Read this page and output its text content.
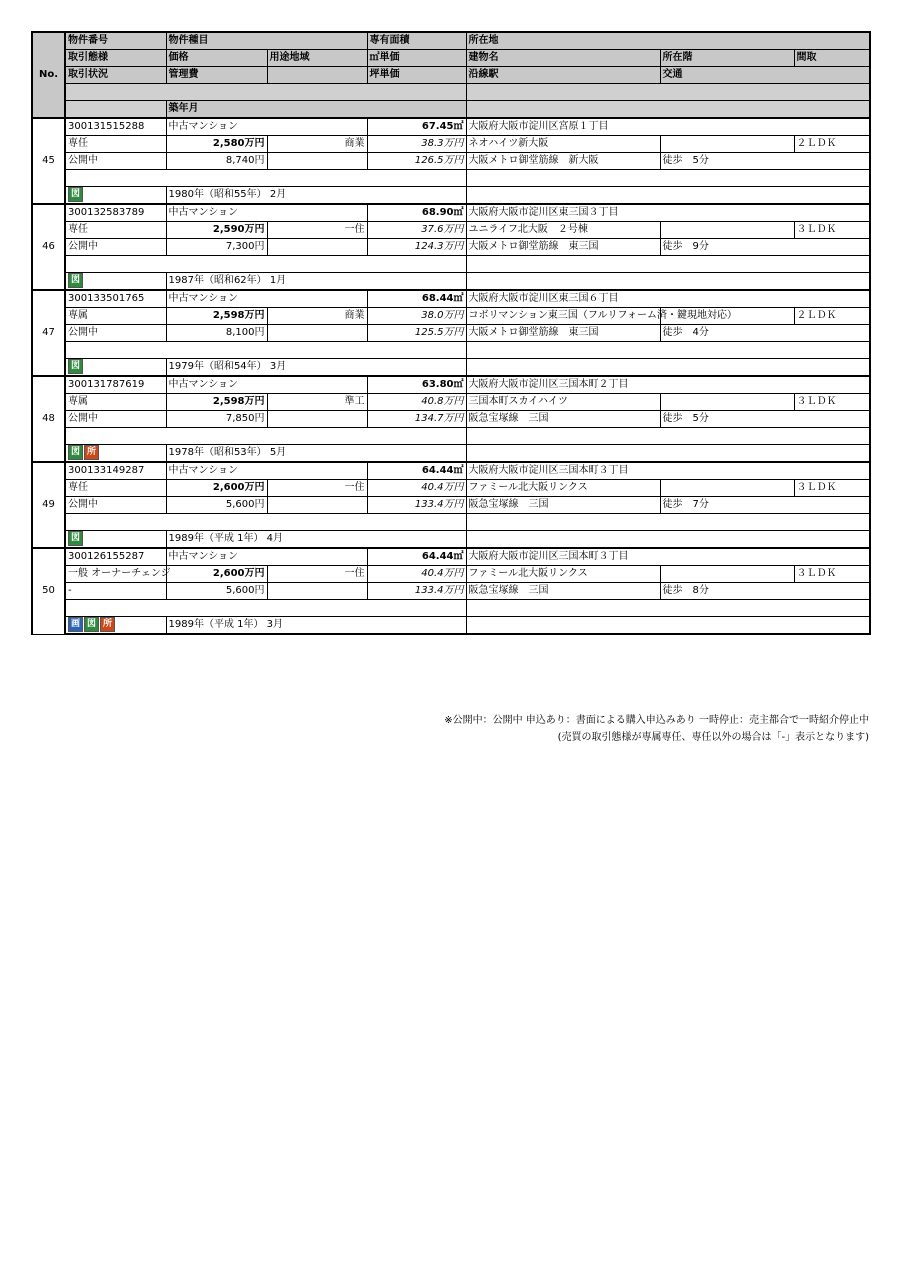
No.	物件番号	物件種目		専有面積	所在地		
	取引態様	価格	用途地域	㎡単価	建物名	所在階	間取
	取引状況	管理費		坪単価	沿線駅	交通	

		築年月					
45	300131515288	中古マンション		67.45㎡	大阪府大阪市淀川区宮原１丁目		
	専任	2,580万円	商業	38.3万円	ネオハイツ新大阪		２ＬＤＫ
	公開中	8,740円		126.5万円	大阪メトロ御堂筋線　新大阪	徒歩　5分	

	図	1980年（昭和55年） 2月					
46	300132583789	中古マンション		68.90㎡	大阪府大阪市淀川区東三国３丁目		
	専任	2,590万円	一住	37.6万円	ユニライフ北大阪　２号棟		３ＬＤＫ
	公開中	7,300円		124.3万円	大阪メトロ御堂筋線　東三国	徒歩　9分	

	図	1987年（昭和62年） 1月					
47	300133501765	中古マンション		68.44㎡	大阪府大阪市淀川区東三国６丁目		
	専属	2,598万円	商業	38.0万円	コボリマンション東三国（フルリフォーム済・鍵現地対応）		２ＬＤＫ
	公開中	8,100円		125.5万円	大阪メトロ御堂筋線　東三国	徒歩　4分	

	図	1979年（昭和54年） 3月					
48	300131787619	中古マンション		63.80㎡	大阪府大阪市淀川区三国本町２丁目		
	専属	2,598万円	準工	40.8万円	三国本町スカイハイツ		３ＬＤＫ
	公開中	7,850円		134.7万円	阪急宝塚線　三国	徒歩　5分	

	図 所	1978年（昭和53年） 5月					
49	300133149287	中古マンション		64.44㎡	大阪府大阪市淀川区三国本町３丁目		
	専任	2,600万円	一住	40.4万円	ファミール北大阪リンクス		３ＬＤＫ
	公開中	5,600円		133.4万円	阪急宝塚線　三国	徒歩　7分	

	図	1989年（平成 1年） 4月					
50	300126155287	中古マンション		64.44㎡	大阪府大阪市淀川区三国本町３丁目		
	一般 オーナーチェンジ	2,600万円	一住	40.4万円	ファミール北大阪リンクス		３ＬＤＫ
	-	5,600円		133.4万円	阪急宝塚線　三国	徒歩　8分	

	画 図 所	1989年（平成 1年） 3月					
※公開中：公開中 申込あり：書面による購入申込みあり 一時停止：売主都合で一時紹介停止中
(売買の取引態様が専属専任、専任以外の場合は「-」表示となります)
